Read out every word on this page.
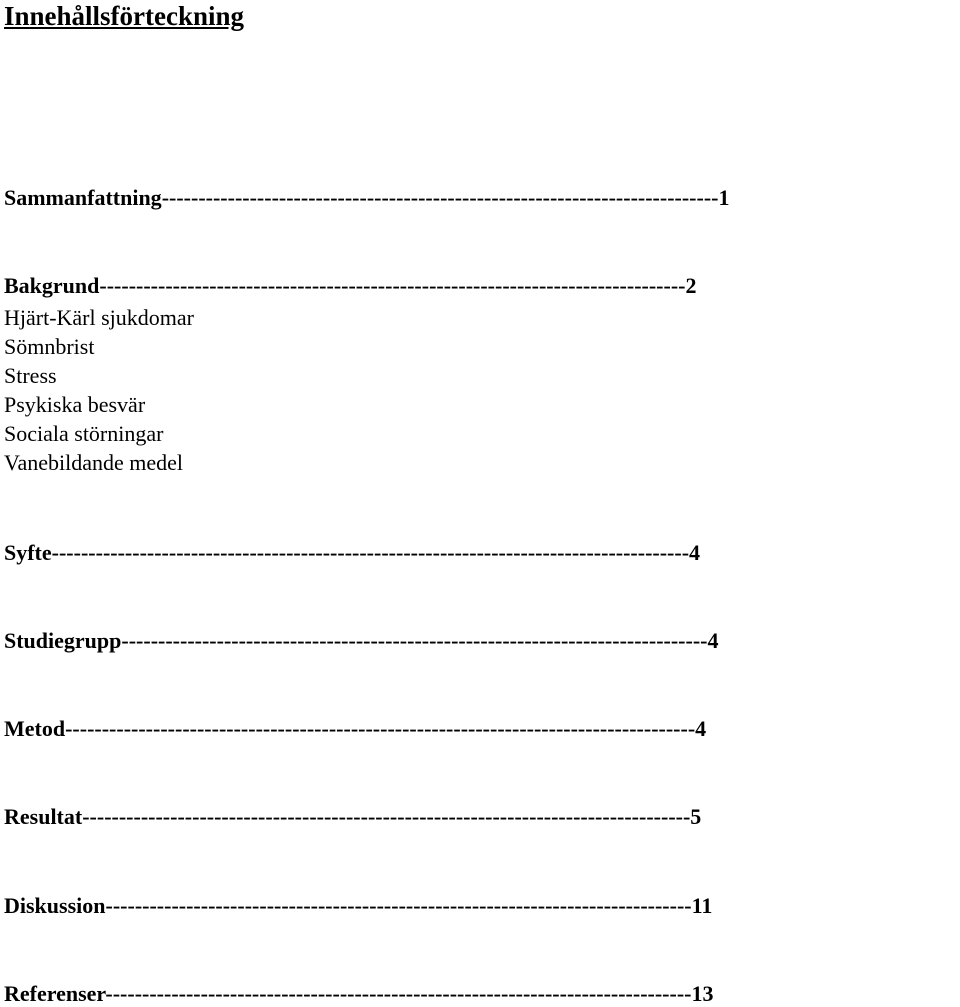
Innehållsförteckning
Sammanfattning----------------------------------------------------------------------------1
Bakgrund--------------------------------------------------------------------------------2
Hjärt-Kärl sjukdomar
Sömnbrist
Stress
Psykiska besvär
Sociala störningar
Vanebildande medel
Syfte---------------------------------------------------------------------------------------4
Studiegrupp--------------------------------------------------------------------------------4
Metod--------------------------------------------------------------------------------------4
Resultat-----------------------------------------------------------------------------------5
Diskussion--------------------------------------------------------------------------------11
Referenser--------------------------------------------------------------------------------13
